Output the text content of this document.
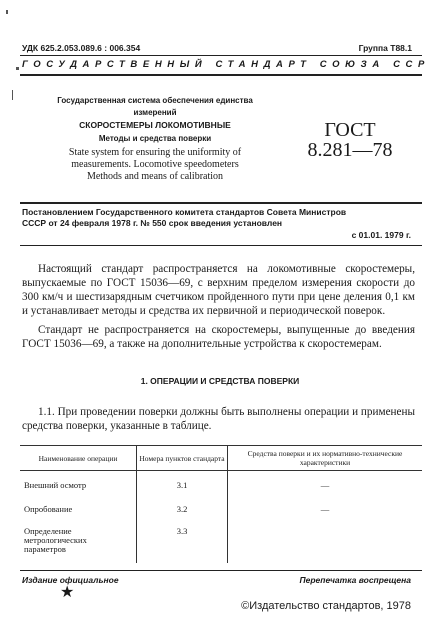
УДК 625.2.053.089.6 : 006.354	Группа Т88.1
ГОСУДАРСТВЕННЫЙ СТАНДАРТ СОЮЗА ССР
Государственная система обеспечения единства
измерений
СКОРОСТЕМЕРЫ ЛОКОМОТИВНЫЕ
Методы и средства поверки
State system for ensuring the uniformity of
measurements. Locomotive speedometers
Methods and means of calibration
ГОСТ
8.281—78
Постановлением Государственного комитета стандартов Совета Министров
СССР от 24 февраля 1978 г. № 550 срок введения установлен
с 01.01. 1979 г.
Настоящий стандарт распространяется на локомотивные скоростемеры, выпускаемые по ГОСТ 15036—69, с верхним пределом измерения скорости до 300 км/ч и шестизарядным счетчиком пройденного пути при цене деления 0,1 км и устанавливает методы и средства их первичной и периодической поверок.
Стандарт не распространяется на скоростемеры, выпущенные до введения ГОСТ 15036—69, а также на дополнительные устройства к скоростемерам.
1. ОПЕРАЦИИ И СРЕДСТВА ПОВЕРКИ
1.1. При проведении поверки должны быть выполнены операции и применены средства поверки, указанные в таблице.
Наименование операции	Номера пунктов стандарта	Средства поверки и их нормативно-технические характеристики
Внешний осмотр	3.1	—
Опробование	3.2	—
Определение метрологических параметров	3.3	
Издание официальное	Перепечатка воспрещена
★
©Издательство стандартов, 1978
